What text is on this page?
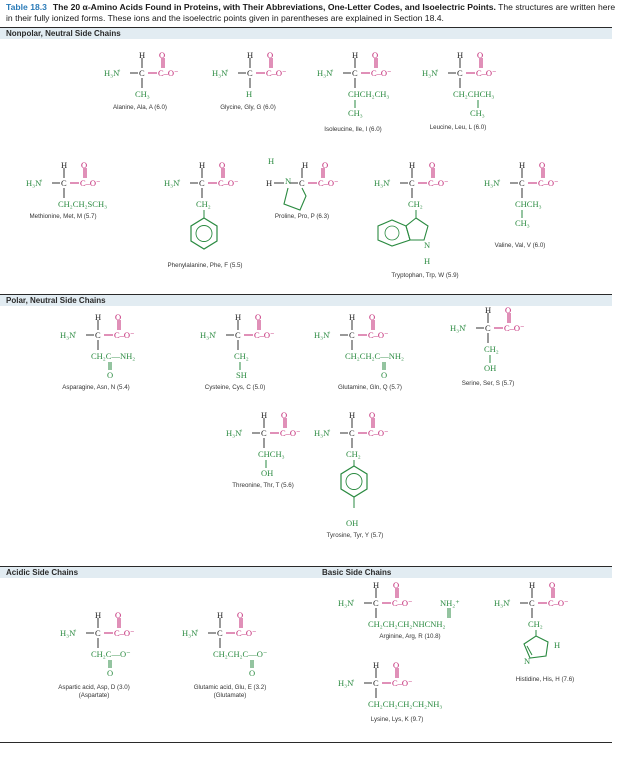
Table 18.3 The 20 α-Amino Acids Found in Proteins, with Their Abbreviations, One-Letter Codes, and Isoelectric Points. The structures are written here in their fully ionized forms. These ions and the isoelectric points given in parentheses are explained in Section 18.4.
Nonpolar, Neutral Side Chains
Polar, Neutral Side Chains
Acidic Side Chains	Basic Side Chains
H O
H₃N̊ C C–O⁻
CH₃
Alanine, Ala, A (6.0)
H O
H₃N̊ C C–O⁻
H
Glycine, Gly, G (6.0)
H O
H₃N̊ C C–O⁻
CHCH₂CH₃
CH₃
Isoleucine, Ile, I (6.0)
H O
H₃N̊ C C–O⁻
CH₂CHCH₃
CH₃
Leucine, Leu, L (6.0)
H O
H₃N̊ C C–O⁻
CH₂CH₂SCH₃
Methionine, Met, M (5.7)
H O
H₃N̊ C C–O⁻
CH₂
Phenylalanine, Phe, F (5.5)
H	H O
H N C C–O⁻
Proline, Pro, P (6.3)
H O
H₃N̊ C C–O⁻
CH₂
N
H
Tryptophan, Trp, W (5.9)
H O
H₃N̊ C C–O⁻
CHCH₃
CH₃
Valine, Val, V (6.0)
H O
H₃N̊ C C–O⁻
CH₂C—NH₂
O
Asparagine, Asn, N (5.4)
H O
H₃N̊ C C–O⁻
CH₂
SH
Cysteine, Cys, C (5.0)
H O
H₃N̊ C C–O⁻
CH₂CH₂C—NH₂
O
Glutamine, Gln, Q (5.7)
H O
H₃N̊ C C–O⁻
CH₂
OH
Serine, Ser, S (5.7)
H O
H₃N̊ C C–O⁻
CHCH₃
OH
Threonine, Thr, T (5.6)
H O
H₃N̊ C C–O⁻
CH₂
OH
Tyrosine, Tyr, Y (5.7)
H O
H₃N̊ C C–O⁻
CH₂C—O⁻
O
Aspartic acid, Asp, D (3.0)
(Aspartate)
H O
H₃N̊ C C–O⁻
CH₂CH₂C—O⁻
O
Glutamic acid, Glu, E (3.2)
(Glutamate)
H O
H₃N̊ C C–O⁻	NH₂⁺
CH₂CH₂CH₂NHCNH₂
Arginine, Arg, R (10.8)
H O
H₃N̊ C C–O⁻
CH₂CH₂CH₂CH₂NH₃
Lysine, Lys, K (9.7)
H O
H₃N̊ C C–O⁻
CH₂
N
H
Histidine, His, H (7.6)
